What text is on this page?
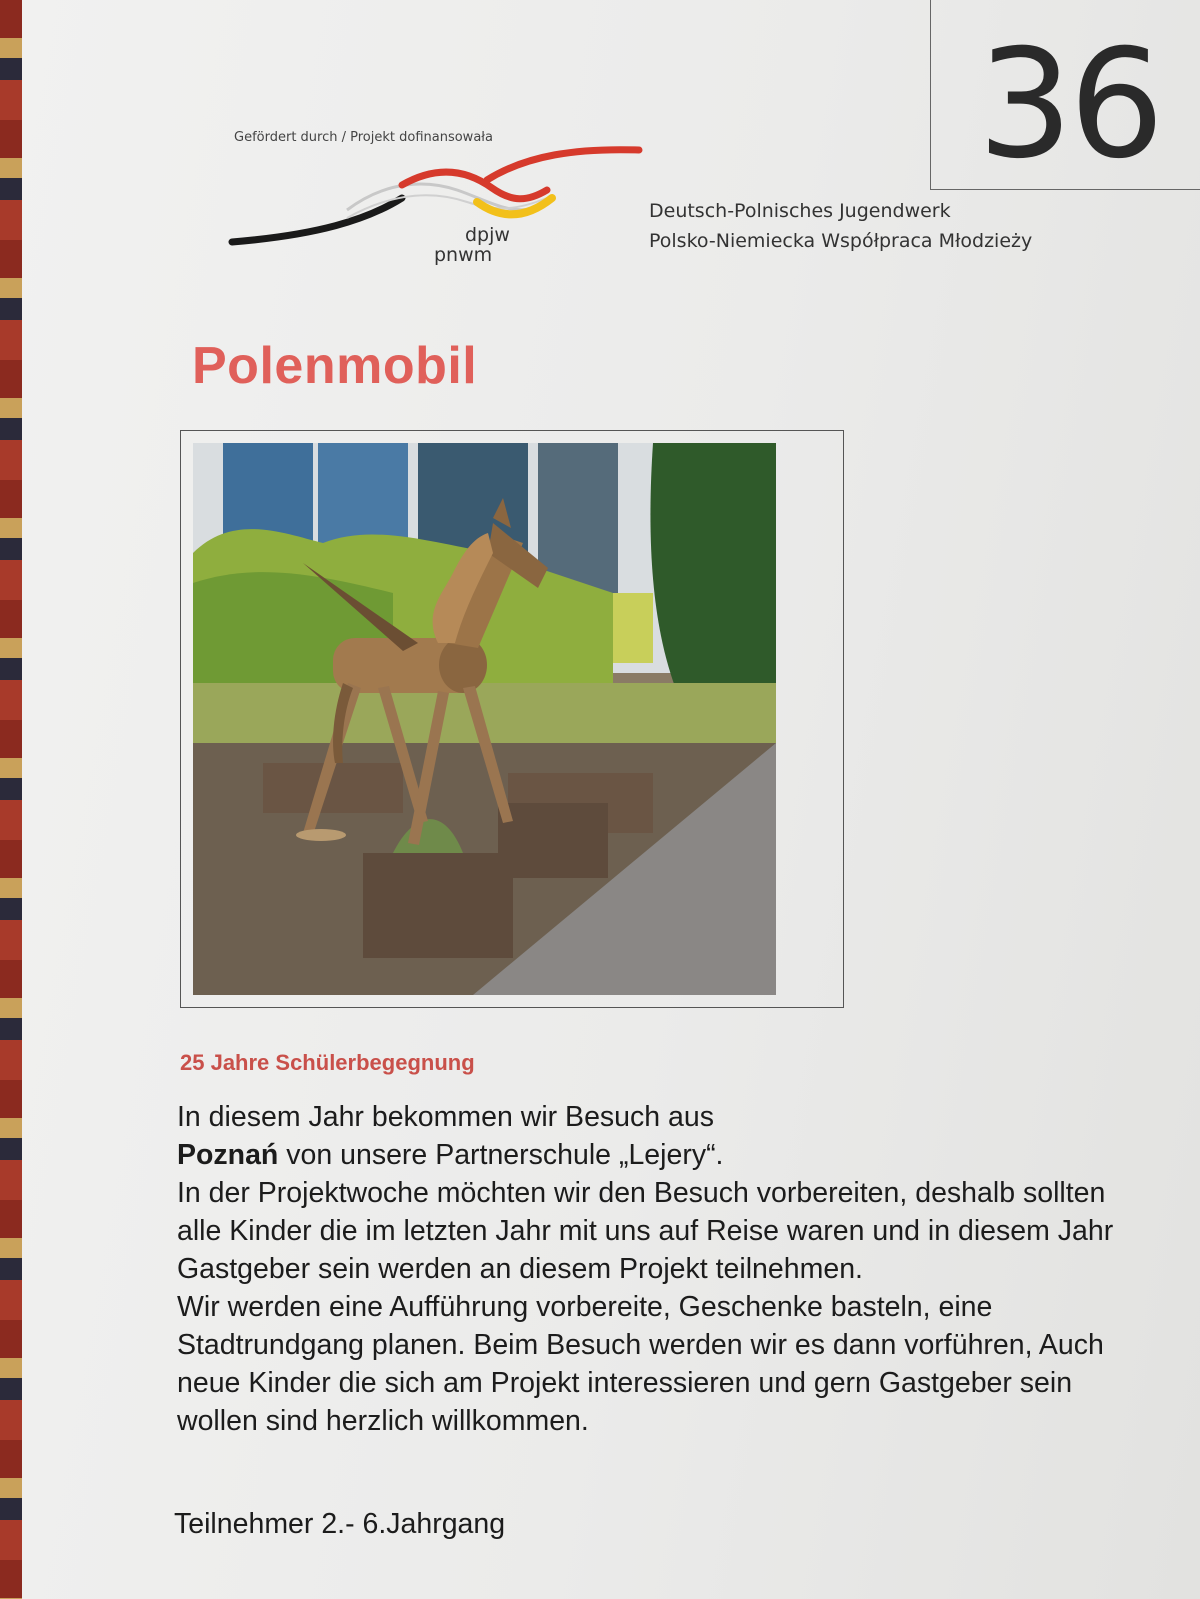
36
Gefördert durch / Projekt dofinansowała
dpjw
pnwm
Deutsch-Polnisches Jugendwerk
Polsko-Niemiecka Współpraca Młodzieży
Polenmobil
25 Jahre Schülerbegegnung

In diesem Jahr bekommen wir Besuch aus

Poznań von unsere Partnerschule „Lejery“.

In der Projektwoche möchten wir den Besuch vorbereiten, deshalb sollten alle Kinder die im letzten Jahr mit uns auf Reise waren und in diesem Jahr Gastgeber sein werden an diesem Projekt teilnehmen.

Wir werden eine Aufführung vorbereite, Geschenke basteln, eine Stadtrundgang planen. Beim Besuch werden wir es dann vorführen, Auch neue Kinder die sich am Projekt interessieren und gern Gastgeber sein wollen sind herzlich willkommen.

Teilnehmer 2.- 6.Jahrgang
